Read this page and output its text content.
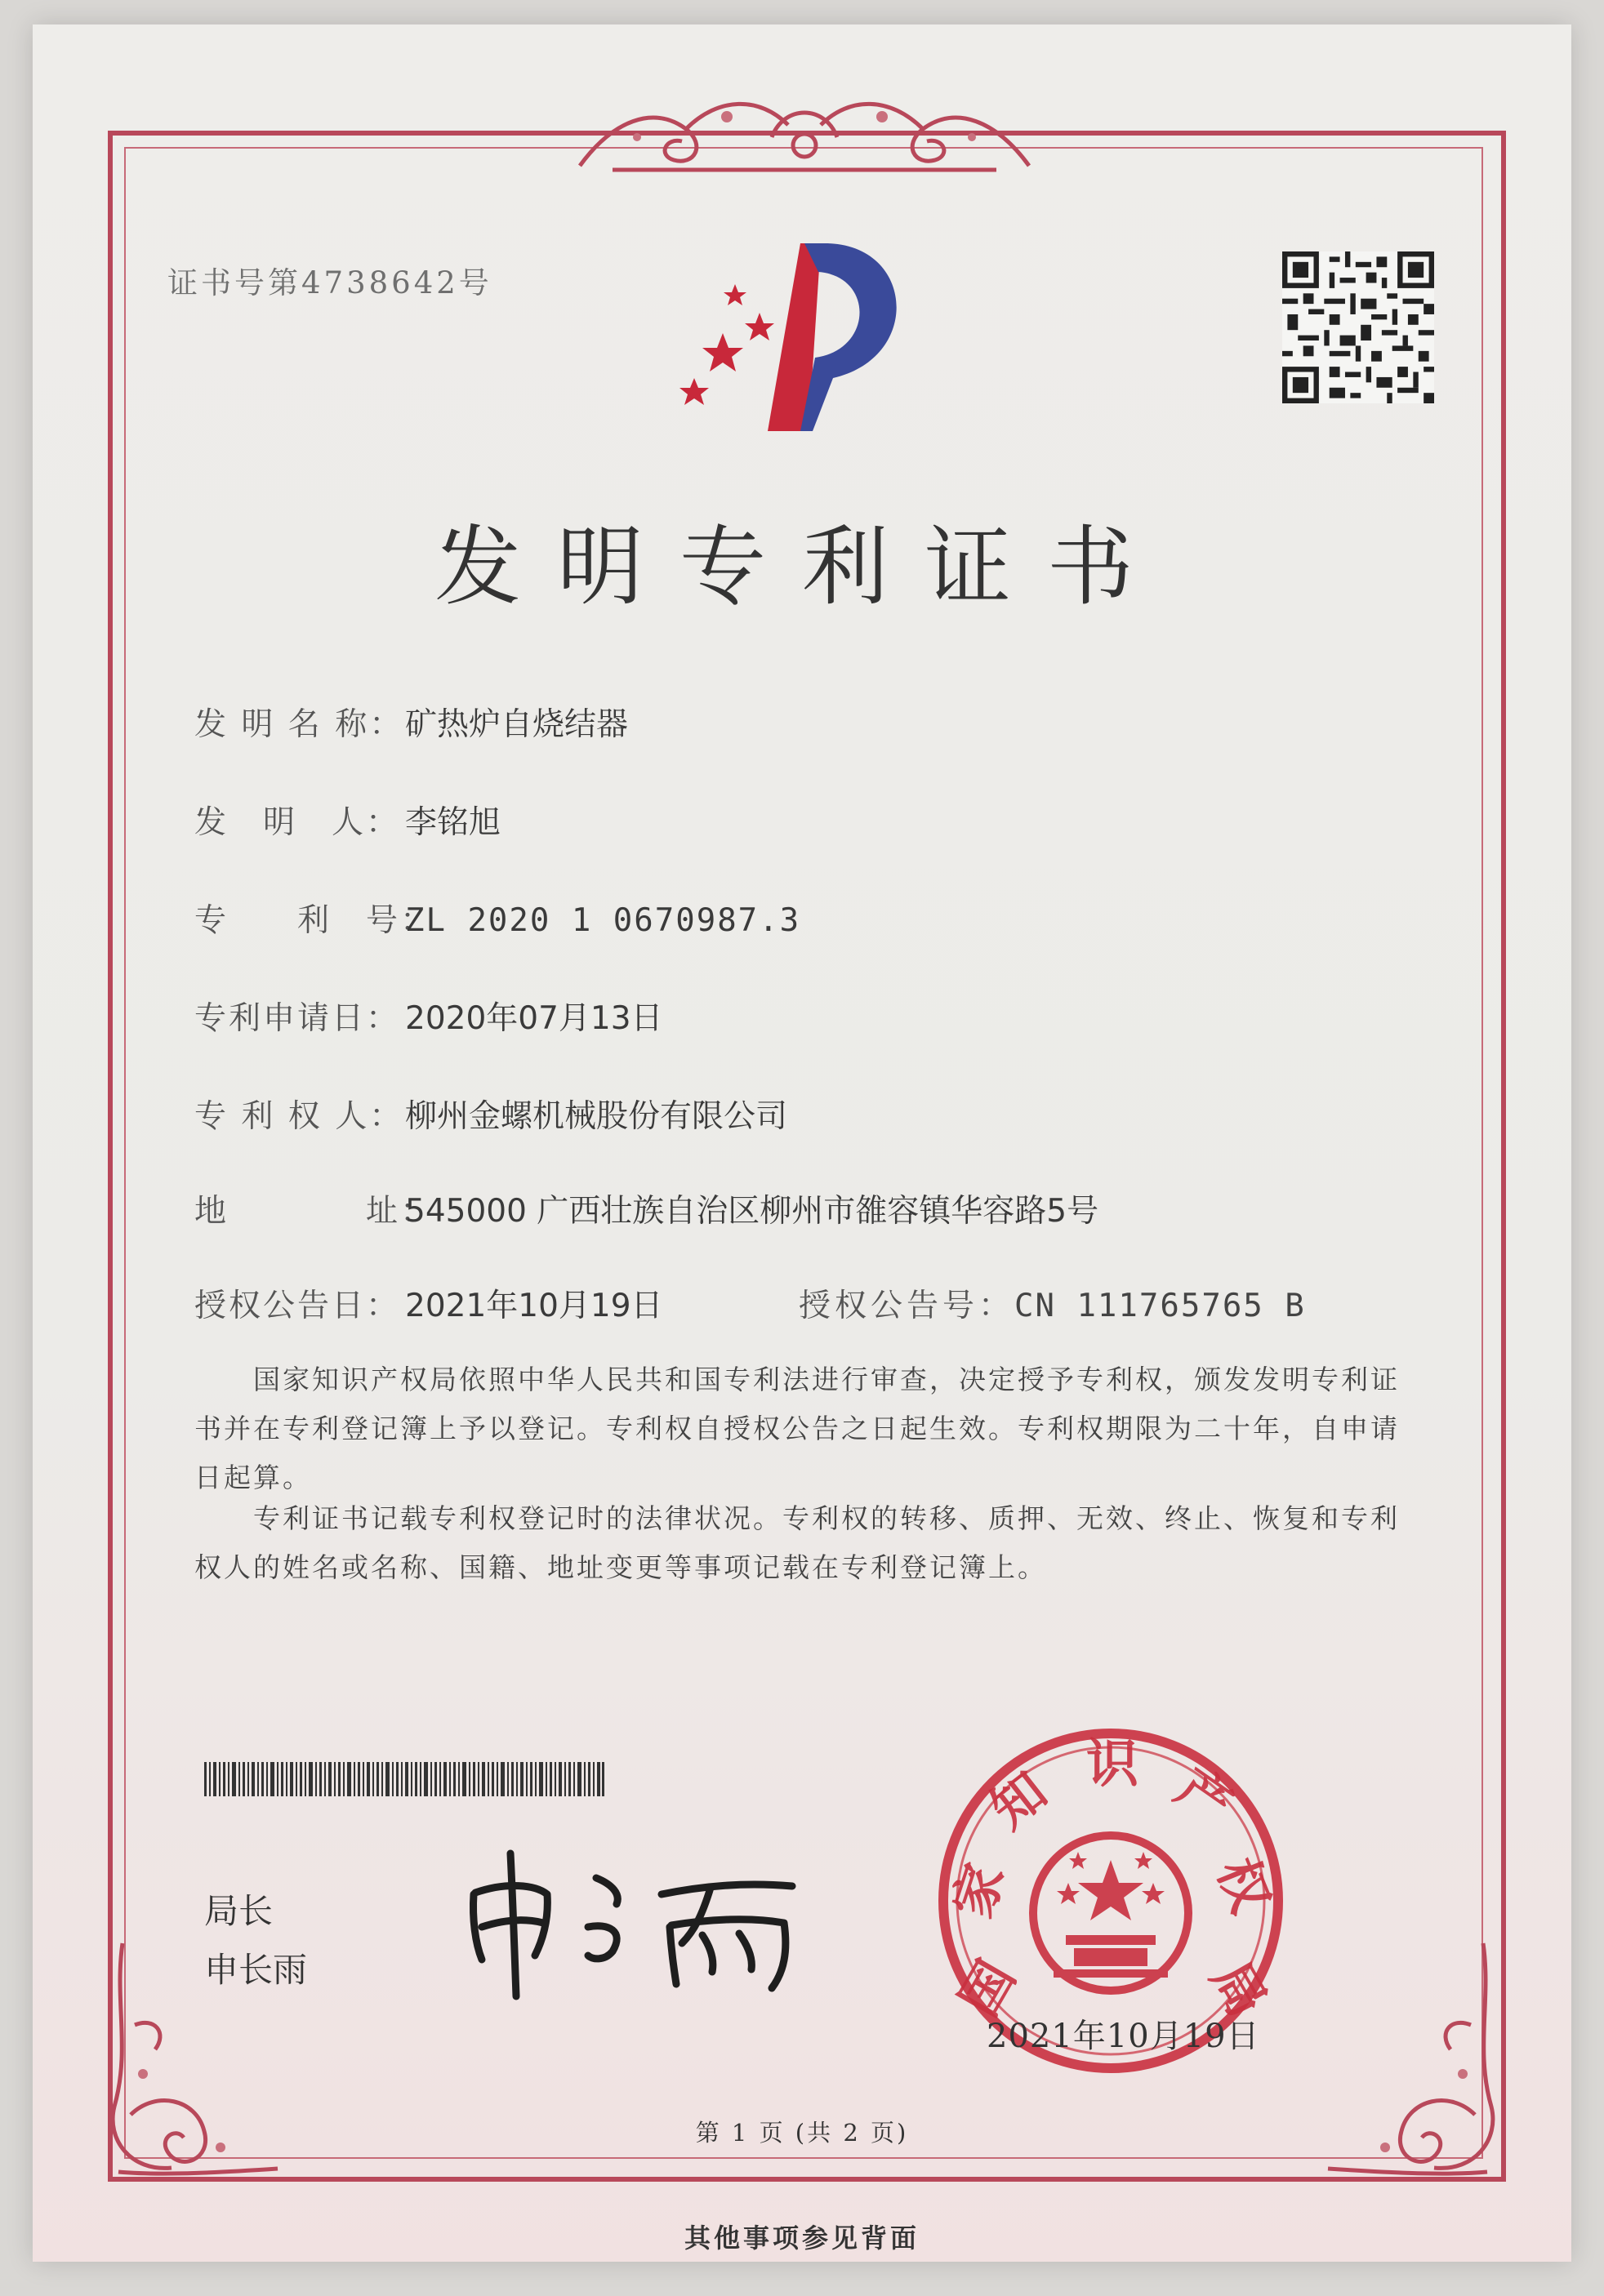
证书号第4738642号
发明专利证书
发 明 名 称：矿热炉自烧结器
发　明　人： 李铭旭
专　　利　号：ZL 2020 1 0670987.3
专利申请日： 2020年07月13日
专 利 权 人：柳州金螺机械股份有限公司
地　　　　址：545000 广西壮族自治区柳州市雒容镇华容路5号
授权公告日： 2021年10月19日	授权公告号：CN 111765765 B
国家知识产权局依照中华人民共和国专利法进行审查，决定授予专利权，颁发发明专利证书并在专利登记簿上予以登记。专利权自授权公告之日起生效。专利权期限为二十年，自申请日起算。
专利证书记载专利权登记时的法律状况。专利权的转移、质押、无效、终止、恢复和专利权人的姓名或名称、国籍、地址变更等事项记载在专利登记簿上。
局长
申长雨	国
家
知 识 产
权
局
2021年10月19日
第 1 页 (共 2 页)
其他事项参见背面
